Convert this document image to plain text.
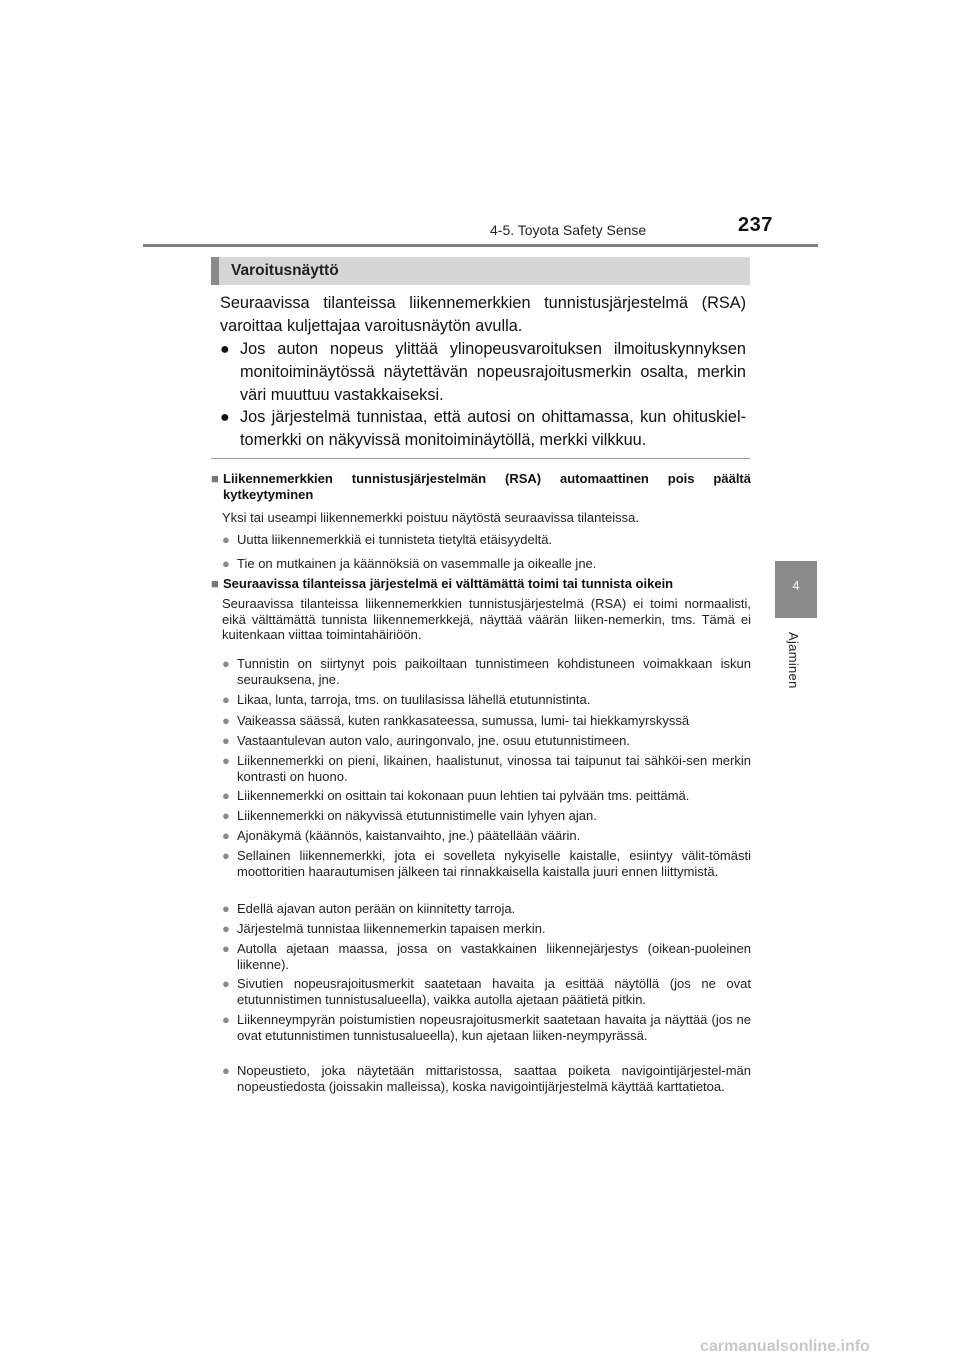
4-5. Toyota Safety Sense	237
4
Ajaminen
Varoitusnäyttö
Seuraavissa tilanteissa liikennemerkkien tunnistusjärjestelmä (RSA) varoittaa kuljettajaa varoitusnäytön avulla.
● Jos auton nopeus ylittää ylinopeusvaroituksen ilmoituskynnyksen monitoiminäytössä näytettävän nopeusrajoitusmerkin osalta, merkin väri muuttuu vastakkaiseksi.
● Jos järjestelmä tunnistaa, että autosi on ohittamassa, kun ohituskiel-tomerkki on näkyvissä monitoiminäytöllä, merkki vilkkuu.
■ Liikennemerkkien tunnistusjärjestelmän (RSA) automaattinen pois päältä kytkeytyminen
Yksi tai useampi liikennemerkki poistuu näytöstä seuraavissa tilanteissa.
● Uutta liikennemerkkiä ei tunnisteta tietyltä etäisyydeltä.
● Tie on mutkainen ja käännöksiä on vasemmalle ja oikealle jne.
■ Seuraavissa tilanteissa järjestelmä ei välttämättä toimi tai tunnista oikein
Seuraavissa tilanteissa liikennemerkkien tunnistusjärjestelmä (RSA) ei toimi normaalisti, eikä välttämättä tunnista liikennemerkkejä, näyttää väärän liiken-nemerkin, tms. Tämä ei kuitenkaan viittaa toimintahäiriöön.
● Tunnistin on siirtynyt pois paikoiltaan tunnistimeen kohdistuneen voimakkaan iskun seurauksena, jne.
● Likaa, lunta, tarroja, tms. on tuulilasissa lähellä etutunnistinta.
● Vaikeassa säässä, kuten rankkasateessa, sumussa, lumi- tai hiekkamyrskyssä
● Vastaantulevan auton valo, auringonvalo, jne. osuu etutunnistimeen.
● Liikennemerkki on pieni, likainen, haalistunut, vinossa tai taipunut tai sähköi-sen merkin kontrasti on huono.
● Liikennemerkki on osittain tai kokonaan puun lehtien tai pylvään tms. peittämä.
● Liikennemerkki on näkyvissä etutunnistimelle vain lyhyen ajan.
● Ajonäkymä (käännös, kaistanvaihto, jne.) päätellään väärin.
● Sellainen liikennemerkki, jota ei sovelleta nykyiselle kaistalle, esiintyy välit-tömästi moottoritien haarautumisen jälkeen tai rinnakkaisella kaistalla juuri ennen liittymistä.
● Edellä ajavan auton perään on kiinnitetty tarroja.
● Järjestelmä tunnistaa liikennemerkin tapaisen merkin.
● Autolla ajetaan maassa, jossa on vastakkainen liikennejärjestys (oikean-puoleinen liikenne).
● Sivutien nopeusrajoitusmerkit saatetaan havaita ja esittää näytöllä (jos ne ovat etutunnistimen tunnistusalueella), vaikka autolla ajetaan päätietä pitkin.
● Liikenneympyrän poistumistien nopeusrajoitusmerkit saatetaan havaita ja näyttää (jos ne ovat etutunnistimen tunnistusalueella), kun ajetaan liiken-neympyrässä.
● Nopeustieto, joka näytetään mittaristossa, saattaa poiketa navigointijärjestel-män nopeustiedosta (joissakin malleissa), koska navigointijärjestelmä käyttää karttatietoa.
carmanualsonline.info
